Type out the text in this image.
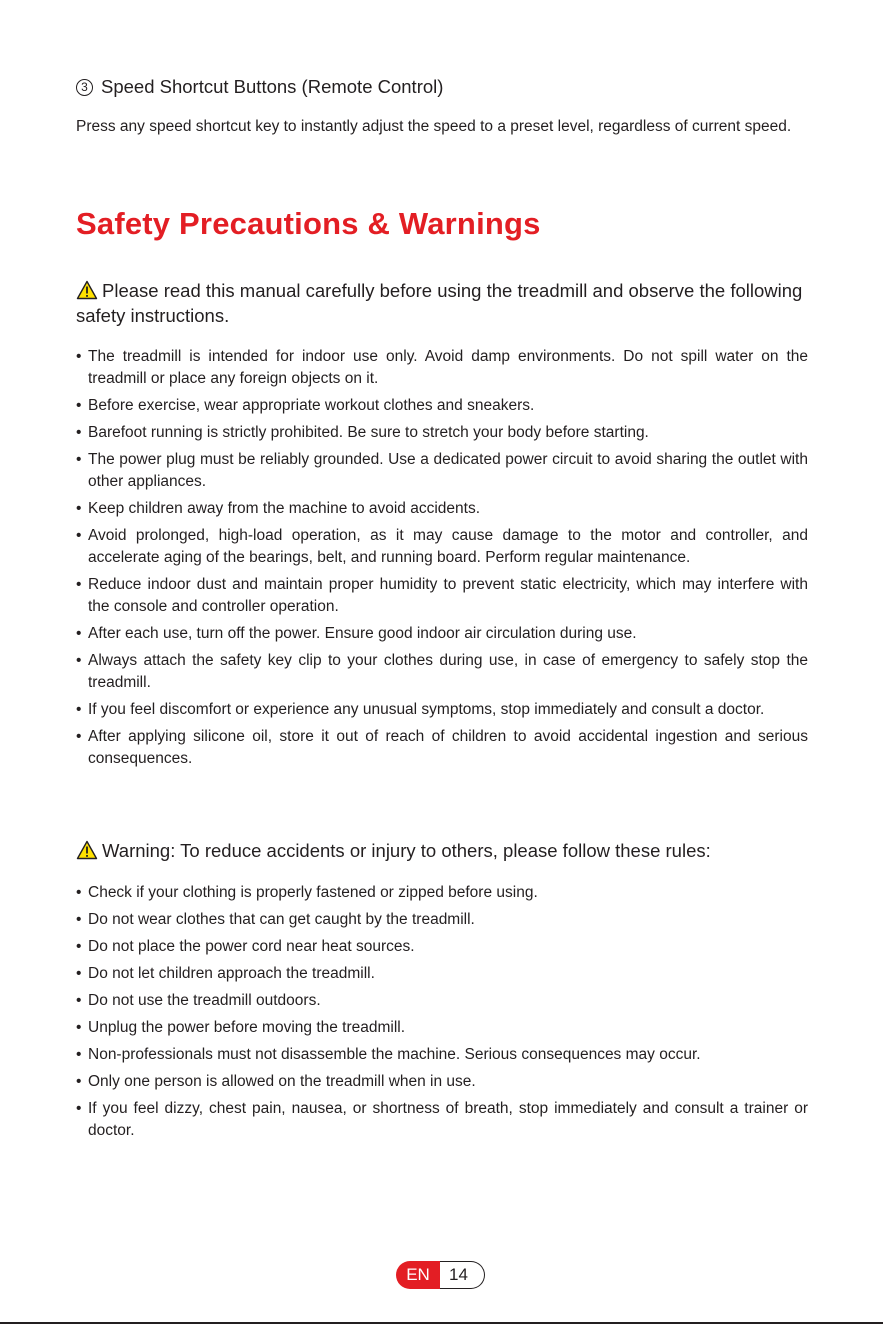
3 Speed Shortcut Buttons (Remote Control)

Press any speed shortcut key to instantly adjust the speed to a preset level, regardless of current speed.

Safety Precautions & Warnings
Please read this manual carefully before using the treadmill and observe the following safety instructions.
• The treadmill is intended for indoor use only. Avoid damp environments. Do not spill water on the treadmill or place any foreign objects on it.
• Before exercise, wear appropriate workout clothes and sneakers.
• Barefoot running is strictly prohibited. Be sure to stretch your body before starting.
• The power plug must be reliably grounded. Use a dedicated power circuit to avoid sharing the outlet with other appliances.
• Keep children away from the machine to avoid accidents.
• Avoid prolonged, high-load operation, as it may cause damage to the motor and controller, and accelerate aging of the bearings, belt, and running board. Perform regular maintenance.
• Reduce indoor dust and maintain proper humidity to prevent static electricity, which may interfere with the console and controller operation.
• After each use, turn off the power. Ensure good indoor air circulation during use.
• Always attach the safety key clip to your clothes during use, in case of emergency to safely stop the treadmill.
• If you feel discomfort or experience any unusual symptoms, stop immediately and consult a doctor.
• After applying silicone oil, store it out of reach of children to avoid accidental ingestion and serious consequences.
Warning: To reduce accidents or injury to others, please follow these rules:
• Check if your clothing is properly fastened or zipped before using.
• Do not wear clothes that can get caught by the treadmill.
• Do not place the power cord near heat sources.
• Do not let children approach the treadmill.
• Do not use the treadmill outdoors.
• Unplug the power before moving the treadmill.
• Non-professionals must not disassemble the machine. Serious consequences may occur.
• Only one person is allowed on the treadmill when in use.
• If you feel dizzy, chest pain, nausea, or shortness of breath, stop immediately and consult a trainer or doctor.
EN	14
